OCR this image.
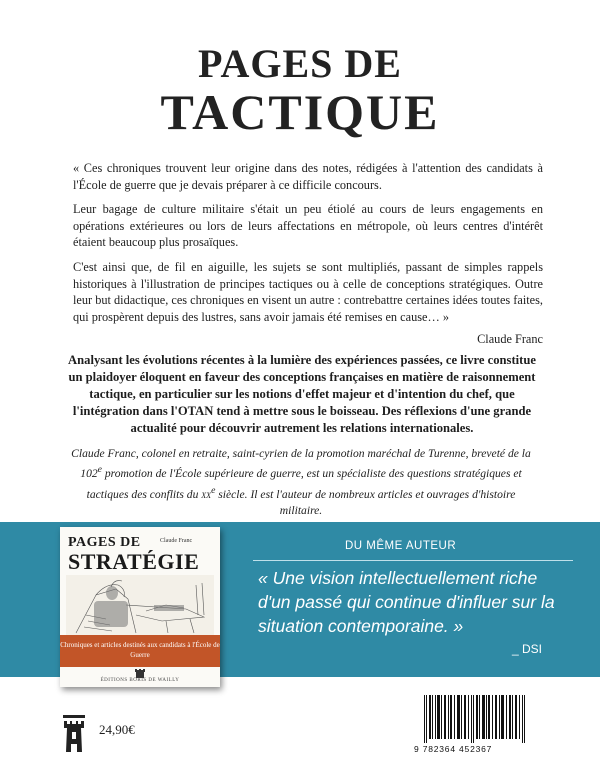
PAGES DE
TACTIQUE

« Ces chroniques trouvent leur origine dans des notes, rédigées à l'attention des candidats à l'École de guerre que je devais préparer à ce difficile concours.

Leur bagage de culture militaire s'était un peu étiolé au cours de leurs engagements en opérations extérieures ou lors de leurs affectations en métropole, où leurs centres d'intérêt étaient beaucoup plus prosaïques.

C'est ainsi que, de fil en aiguille, les sujets se sont multipliés, passant de simples rappels historiques à l'illustration de principes tactiques ou à celle de conceptions stratégiques. Outre leur but didactique, ces chroniques en visent un autre : contrebattre certaines idées toutes faites, qui prospèrent depuis des lustres, sans avoir jamais été remises en cause… »

Claude Franc

Analysant les évolutions récentes à la lumière des expériences passées, ce livre constitue un plaidoyer éloquent en faveur des conceptions françaises en matière de raisonnement tactique, en particulier sur les notions d'effet majeur et d'intention du chef, que l'intégration dans l'OTAN tend à mettre sous le boisseau. Des réflexions d'une grande actualité pour découvrir autrement les relations internationales.
Claude Franc, colonel en retraite, saint-cyrien de la promotion maréchal de Turenne, breveté de la 102e promotion de l'École supérieure de guerre, est un spécialiste des questions stratégiques et tactiques des conflits du $xx^e$ siècle. Il est l'auteur de nombreux articles et ouvrages d'histoire militaire.
DU MÊME AUTEUR
« Une vision intellectuellement riche d'un passé qui continue d'influer sur la situation contemporaine. »
_ DSI
PAGES DE	Claude Franc
STRATÉGIE
Chroniques et articles destinés aux candidats à l'École de Guerre
ÉDITIONS BORIS DE WAILLY
24,90€
9 782364 452367
